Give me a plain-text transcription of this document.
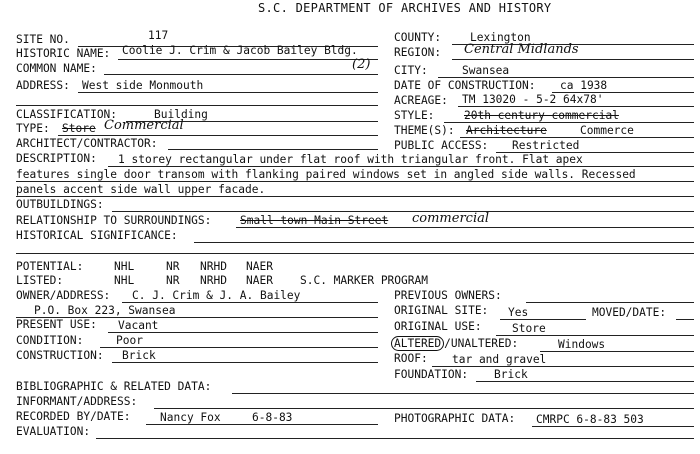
S.C. DEPARTMENT OF ARCHIVES AND HISTORY
SITE NO.	117
HISTORIC NAME: Coolie J. Crim & Jacob Bailey Bldg.
(2)
COMMON NAME:
ADDRESS: West side Monmouth
CLASSIFICATION:	Building
TYPE: Store Commercial
ARCHITECT/CONTRACTOR:
COUNTY:	Lexington
REGION: Central Midlands
CITY:	Swansea
DATE OF CONSTRUCTION: ca 1938
ACREAGE: TM 13020 - 5-2 64x78'
STYLE:	20th century commercial
THEME(S): Architecture	Commerce
PUBLIC ACCESS: Restricted
DESCRIPTION: 1 storey rectangular under flat roof with triangular front. Flat apex
features single door transom with flanking paired windows set in angled side walls. Recessed
panels accent side wall upper facade.
OUTBUILDINGS:
RELATIONSHIP TO SURROUNDINGS:	Small town Main Street commercial
HISTORICAL SIGNIFICANCE:
POTENTIAL:	NHL	NR NRHD NAER
LISTED:	NHL	NR NRHD NAER S.C. MARKER PROGRAM
OWNER/ADDRESS: C. J. Crim & J. A. Bailey
P.O. Box 223, Swansea
PREVIOUS OWNERS:
PRESENT USE: Vacant
CONDITION:	Poor
CONSTRUCTION: Brick
ORIGINAL SITE: Yes	MOVED/DATE:
ORIGINAL USE:	Store
ALTERED /UNALTERED:	Windows
ROOF: tar and gravel
FOUNDATION: Brick
BIBLIOGRAPHIC & RELATED DATA:
INFORMANT/ADDRESS:
RECORDED BY/DATE:	Nancy Fox	6-8-83	PHOTOGRAPHIC DATA: CMRPC 6-8-83 503
EVALUATION:
